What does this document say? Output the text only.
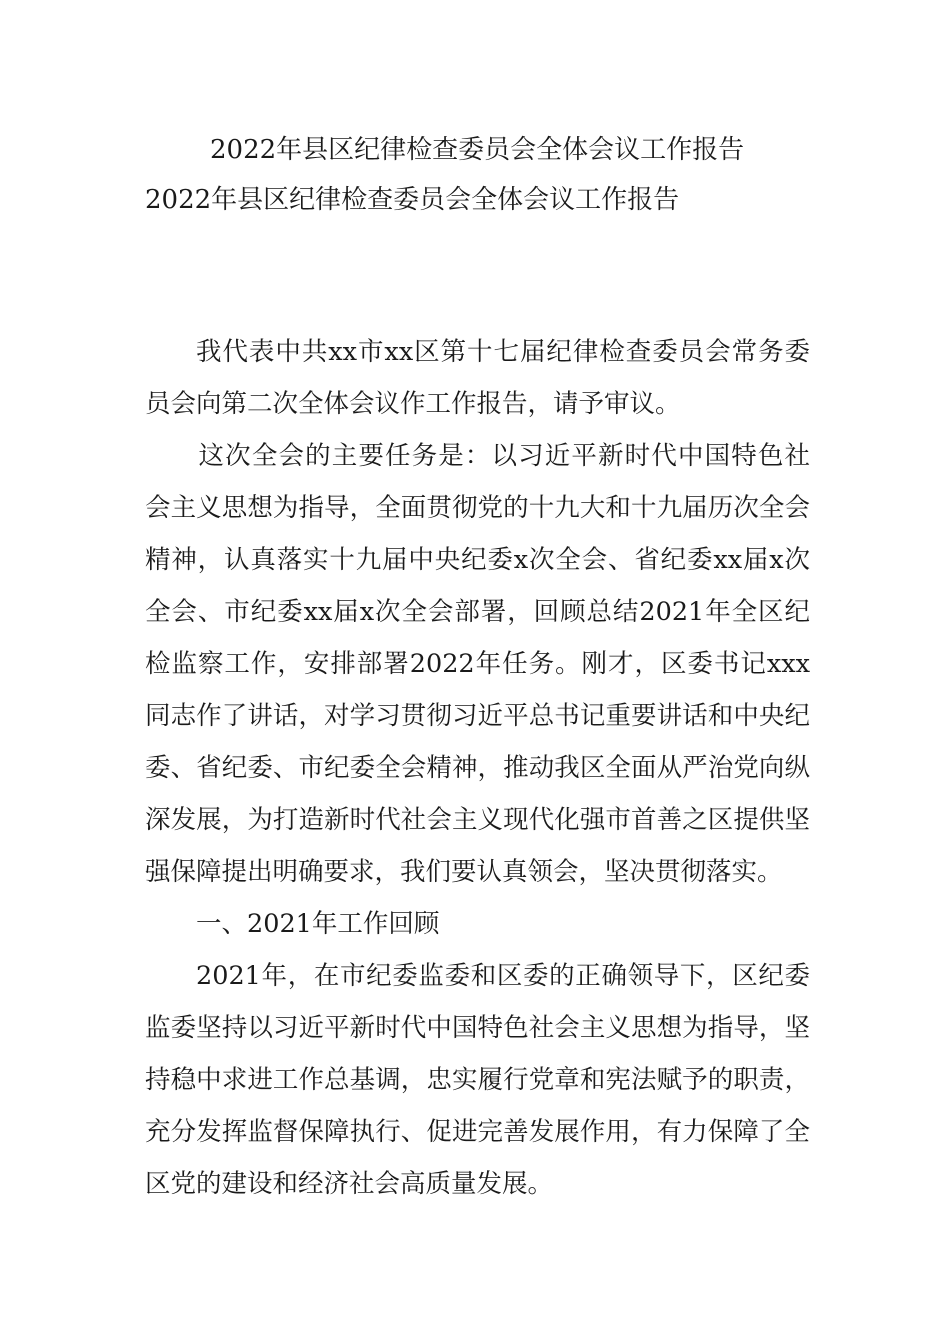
2022年县区纪律检查委员会全体会议工作报告
2022年县区纪律检查委员会全体会议工作报告

我代表中共xx市xx区第十七届纪律检查委员会常务委员会向第二次全体会议作工作报告，请予审议。

这次全会的主要任务是：以习近平新时代中国特色社会主义思想为指导，全面贯彻党的十九大和十九届历次全会精神，认真落实十九届中央纪委x次全会、省纪委xx届x次全会、市纪委xx届x次全会部署，回顾总结2021年全区纪检监察工作，安排部署2022年任务。刚才，区委书记xxx同志作了讲话，对学习贯彻习近平总书记重要讲话和中央纪委、省纪委、市纪委全会精神，推动我区全面从严治党向纵深发展，为打造新时代社会主义现代化强市首善之区提供坚强保障提出明确要求，我们要认真领会，坚决贯彻落实。

一、2021年工作回顾

2021年，在市纪委监委和区委的正确领导下，区纪委监委坚持以习近平新时代中国特色社会主义思想为指导，坚持稳中求进工作总基调，忠实履行党章和宪法赋予的职责，充分发挥监督保障执行、促进完善发展作用，有力保障了全区党的建设和经济社会高质量发展。
